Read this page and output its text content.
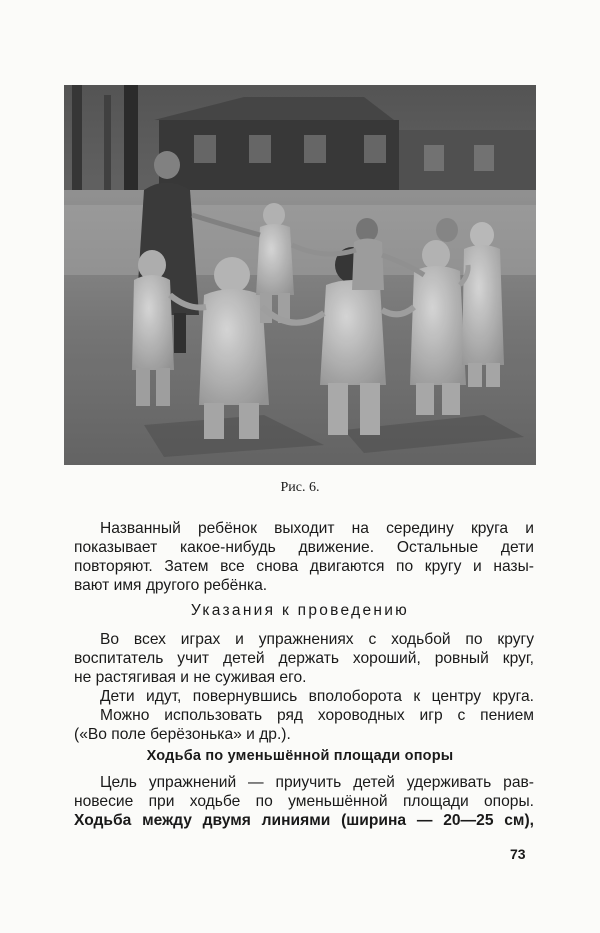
Рис. 6.
Названный ребёнок выходит на середину круга и
показывает какое-нибудь движение. Остальные дети
повторяют. Затем все снова двигаются по кругу и назы-
вают имя другого ребёнка.
Указания к проведению
Во всех играх и упражнениях с ходьбой по кругу
воспитатель учит детей держать хороший, ровный круг,
не растягивая и не суживая его.
Дети идут, повернувшись вполоборота к центру круга.
Можно использовать ряд хороводных игр с пением
(«Во поле берёзонька» и др.).
Ходьба по уменьшённой площади опоры
Цель упражнений — приучить детей удерживать рав-
новесие при ходьбе по уменьшённой площади опоры.
Ходьба между двумя линиями (ширина — 20—25 см),
73
